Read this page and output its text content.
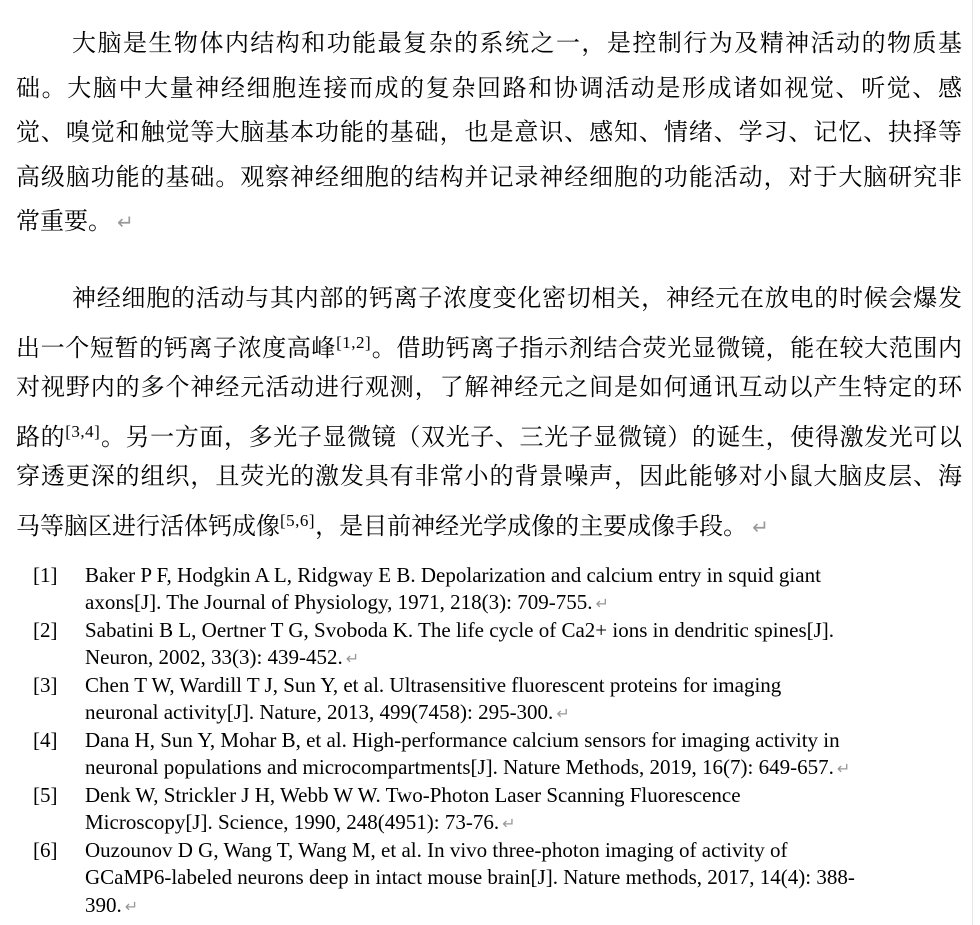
大脑是生物体内结构和功能最复杂的系统之一，是控制行为及精神活动的物质基
础。大脑中大量神经细胞连接而成的复杂回路和协调活动是形成诸如视觉、听觉、感
觉、嗅觉和触觉等大脑基本功能的基础，也是意识、感知、情绪、学习、记忆、抉择等
高级脑功能的基础。观察神经细胞的结构并记录神经细胞的功能活动，对于大脑研究非
常重要。 ↵
神经细胞的活动与其内部的钙离子浓度变化密切相关，神经元在放电的时候会爆发
出一个短暂的钙离子浓度高峰[1,2]。借助钙离子指示剂结合荧光显微镜，能在较大范围内
对视野内的多个神经元活动进行观测，了解神经元之间是如何通讯互动以产生特定的环
路的[3,4]。另一方面，多光子显微镜（双光子、三光子显微镜）的诞生，使得激发光可以
穿透更深的组织，且荧光的激发具有非常小的背景噪声，因此能够对小鼠大脑皮层、海
马等脑区进行活体钙成像[5,6]，是目前神经光学成像的主要成像手段。 ↵
[1] Baker P F, Hodgkin A L, Ridgway E B. Depolarization and calcium entry in squid giant
axons[J]. The Journal of Physiology, 1971, 218(3): 709-755. ↵
[2] Sabatini B L, Oertner T G, Svoboda K. The life cycle of Ca2+ ions in dendritic spines[J].
Neuron, 2002, 33(3): 439-452. ↵
[3] Chen T W, Wardill T J, Sun Y, et al. Ultrasensitive fluorescent proteins for imaging
neuronal activity[J]. Nature, 2013, 499(7458): 295-300. ↵
[4] Dana H, Sun Y, Mohar B, et al. High-performance calcium sensors for imaging activity in
neuronal populations and microcompartments[J]. Nature Methods, 2019, 16(7): 649-657. ↵
[5] Denk W, Strickler J H, Webb W W. Two-Photon Laser Scanning Fluorescence
Microscopy[J]. Science, 1990, 248(4951): 73-76. ↵
[6] Ouzounov D G, Wang T, Wang M, et al. In vivo three-photon imaging of activity of
GCaMP6-labeled neurons deep in intact mouse brain[J]. Nature methods, 2017, 14(4): 388-
390. ↵
